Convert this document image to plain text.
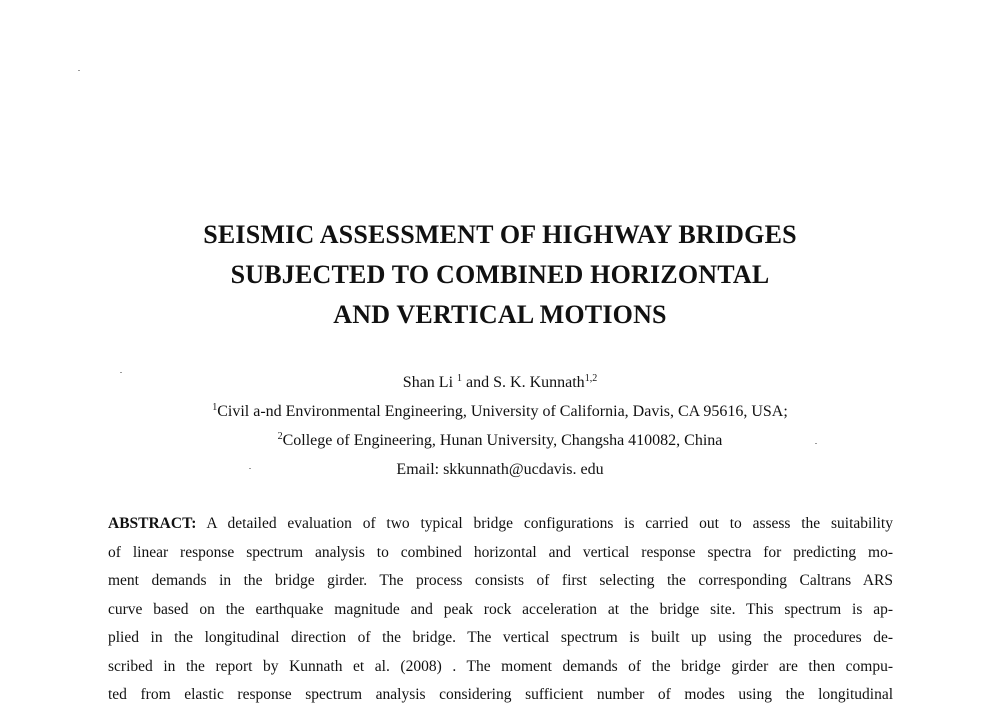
SEISMIC ASSESSMENT OF HIGHWAY BRIDGES
SUBJECTED TO COMBINED HORIZONTAL
AND VERTICAL MOTIONS
Shan Li $^1$ and S. K. Kunnath$^{1,2}$
$^1$Civil a-nd Environmental Engineering, University of California, Davis, CA 95616, USA;
$^2$College of Engineering, Hunan University, Changsha 410082, China
Email: skkunnath@ucdavis. edu
ABSTRACT: A detailed evaluation of two typical bridge configurations is carried out to assess the suitability
of linear response spectrum analysis to combined horizontal and vertical response spectra for predicting mo-
ment demands in the bridge girder. The process consists of first selecting the corresponding Caltrans ARS
curve based on the earthquake magnitude and peak rock acceleration at the bridge site. This spectrum is ap-
plied in the longitudinal direction of the bridge. The vertical spectrum is built up using the procedures de-
scribed in the report by Kunnath et al. (2008) . The moment demands of the bridge girder are then compu-
ted from elastic response spectrum analysis considering sufficient number of modes using the longitudinal
